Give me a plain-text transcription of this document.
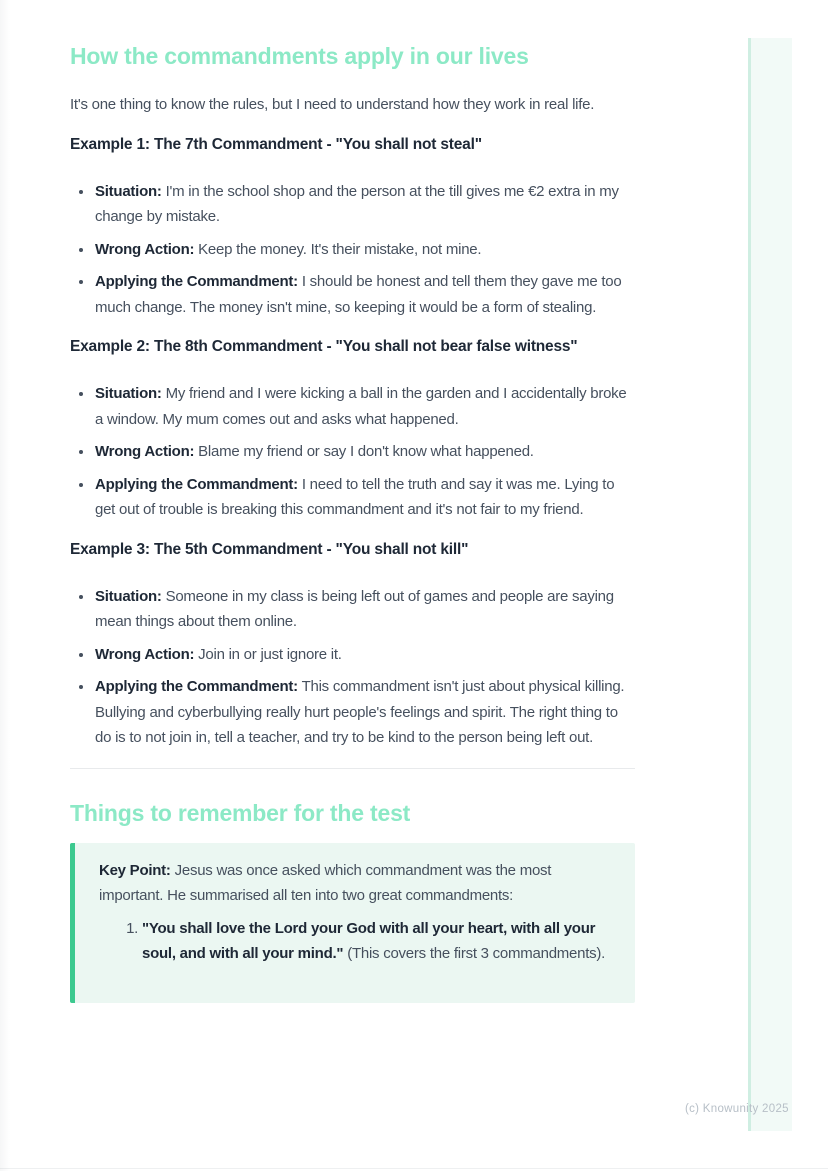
(c) Knowunity 2025
How the commandments apply in our lives

It's one thing to know the rules, but I need to understand how they work in real life.

Example 1: The 7th Commandment - "You shall not steal"
• Situation: I'm in the school shop and the person at the till gives me €2 extra in my change by mistake.
• Wrong Action: Keep the money. It's their mistake, not mine.
• Applying the Commandment: I should be honest and tell them they gave me too much change. The money isn't mine, so keeping it would be a form of stealing.
Example 2: The 8th Commandment - "You shall not bear false witness"
• Situation: My friend and I were kicking a ball in the garden and I accidentally broke a window. My mum comes out and asks what happened.
• Wrong Action: Blame my friend or say I don't know what happened.
• Applying the Commandment: I need to tell the truth and say it was me. Lying to get out of trouble is breaking this commandment and it's not fair to my friend.
Example 3: The 5th Commandment - "You shall not kill"
• Situation: Someone in my class is being left out of games and people are saying mean things about them online.
• Wrong Action: Join in or just ignore it.
• Applying the Commandment: This commandment isn't just about physical killing. Bullying and cyberbullying really hurt people's feelings and spirit. The right thing to do is to not join in, tell a teacher, and try to be kind to the person being left out.
Things to remember for the test

Key Point: Jesus was once asked which commandment was the most important. He summarised all ten into two great commandments:

1. "You shall love the Lord your God with all your heart, with all your soul, and with all your mind." (This covers the first 3 commandments).
